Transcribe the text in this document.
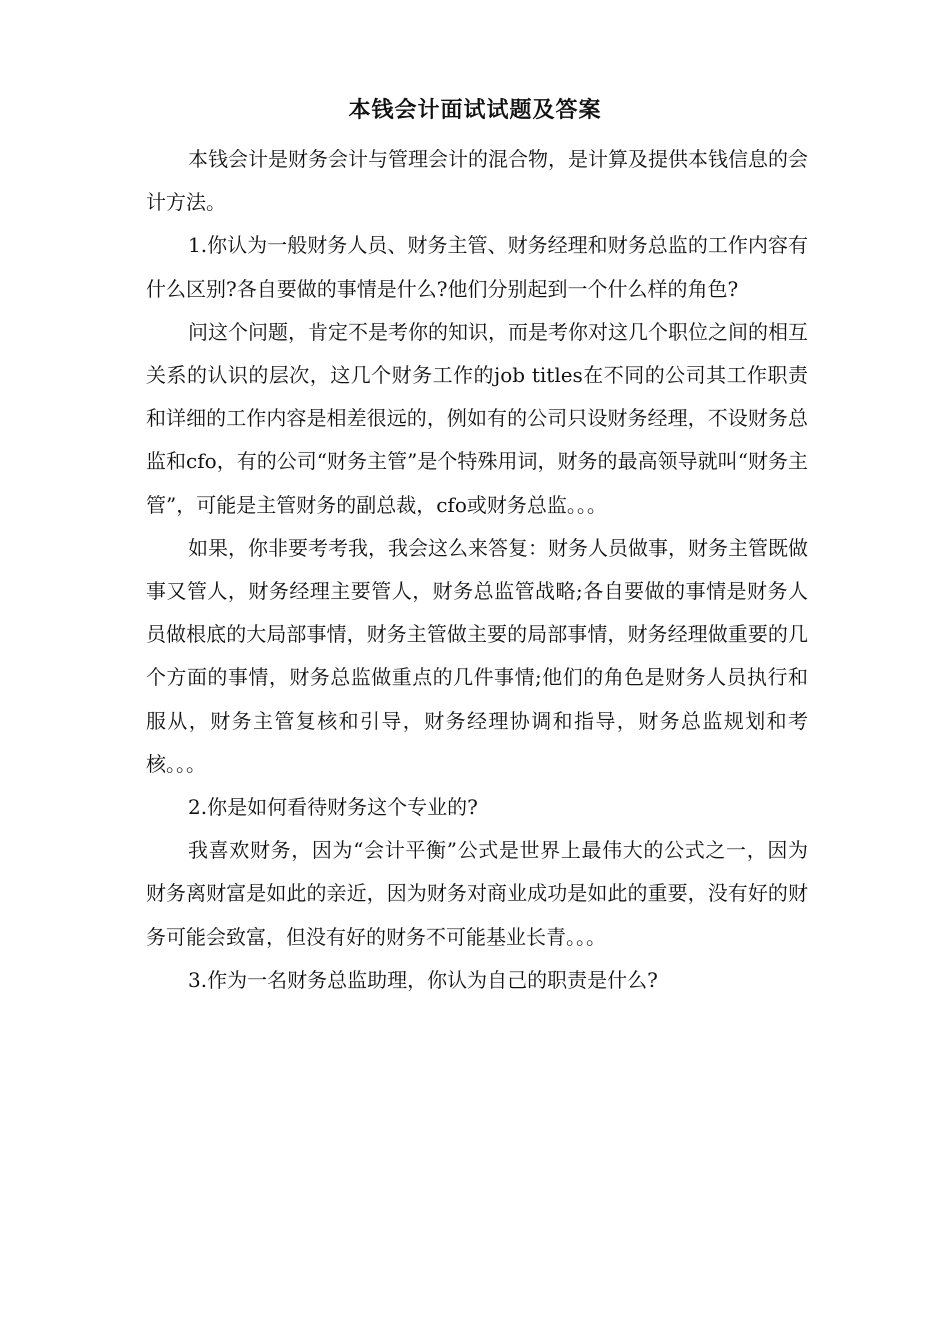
本钱会计面试试题及答案

本钱会计是财务会计与管理会计的混合物，是计算及提供本钱信息的会计方法。

1.你认为一般财务人员、财务主管、财务经理和财务总监的工作内容有什么区别?各自要做的事情是什么?他们分别起到一个什么样的角色?

问这个问题，肯定不是考你的知识，而是考你对这几个职位之间的相互关系的认识的层次，这几个财务工作的job titles在不同的公司其工作职责和详细的工作内容是相差很远的，例如有的公司只设财务经理，不设财务总监和cfo，有的公司“财务主管”是个特殊用词，财务的最高领导就叫“财务主管”，可能是主管财务的副总裁，cfo或财务总监。。。

如果，你非要考考我，我会这么来答复：财务人员做事，财务主管既做事又管人，财务经理主要管人，财务总监管战略;各自要做的事情是财务人员做根底的大局部事情，财务主管做主要的局部事情，财务经理做重要的几个方面的事情，财务总监做重点的几件事情;他们的角色是财务人员执行和服从，财务主管复核和引导，财务经理协调和指导，财务总监规划和考核。。。

2.你是如何看待财务这个专业的?

我喜欢财务，因为“会计平衡”公式是世界上最伟大的公式之一，因为财务离财富是如此的亲近，因为财务对商业成功是如此的重要，没有好的财务可能会致富，但没有好的财务不可能基业长青。。。

3.作为一名财务总监助理，你认为自己的职责是什么?
